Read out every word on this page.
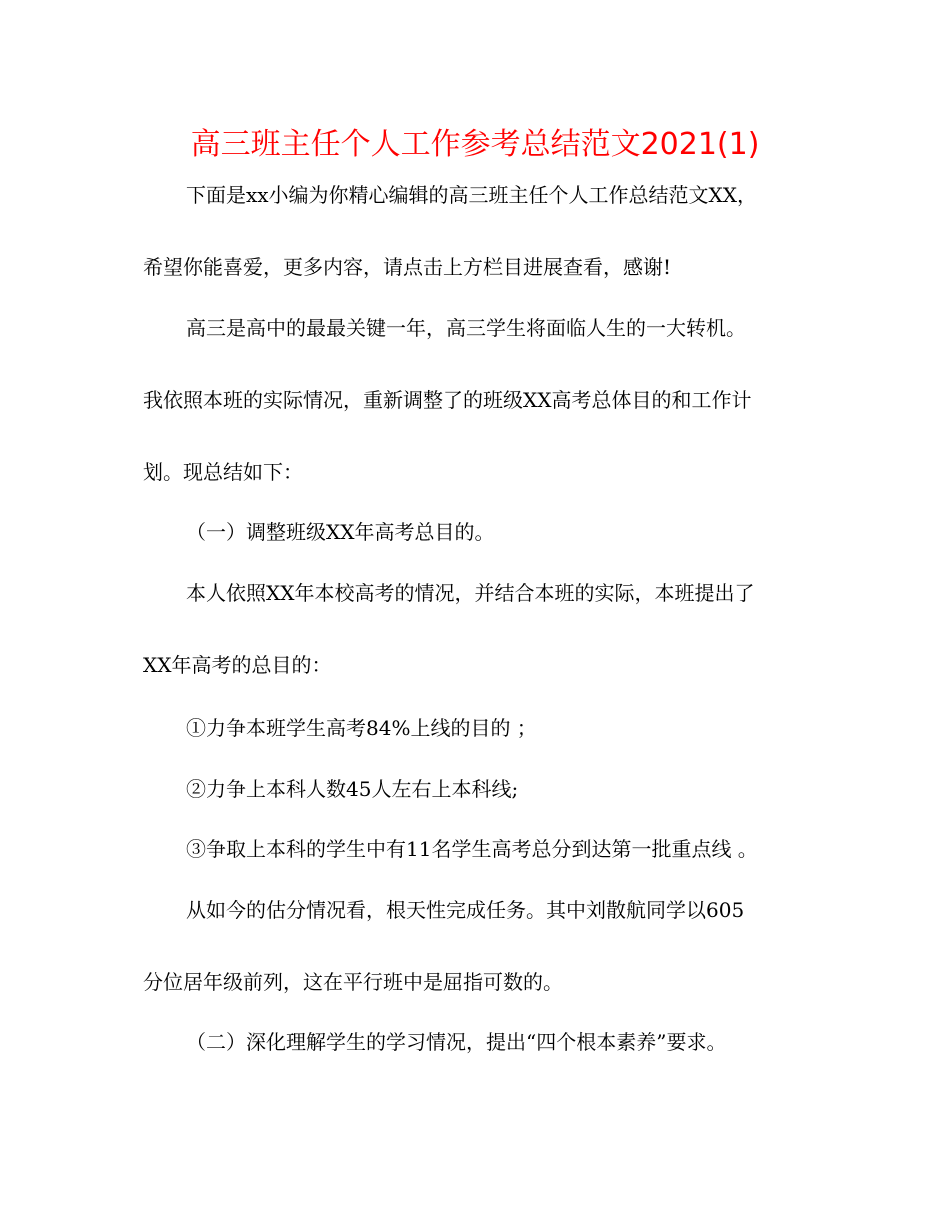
高三班主任个人工作参考总结范文2021(1)
下面是xx小编为你精心编辑的高三班主任个人工作总结范文XX，
希望你能喜爱，更多内容，请点击上方栏目进展查看，感谢!
高三是高中的最最关键一年，高三学生将面临人生的一大转机。
我依照本班的实际情况，重新调整了的班级XX高考总体目的和工作计
划。现总结如下：
（一）调整班级XX年高考总目的。
本人依照XX年本校高考的情况，并结合本班的实际，本班提出了
XX年高考的总目的：
①力争本班学生高考84%上线的目的 ；
②力争上本科人数45人左右上本科线;
③争取上本科的学生中有11名学生高考总分到达第一批重点线 。
从如今的估分情况看，根天性完成任务。其中刘散航同学以605
分位居年级前列，这在平行班中是屈指可数的。
（二）深化理解学生的学习情况，提出“四个根本素养”要求。
